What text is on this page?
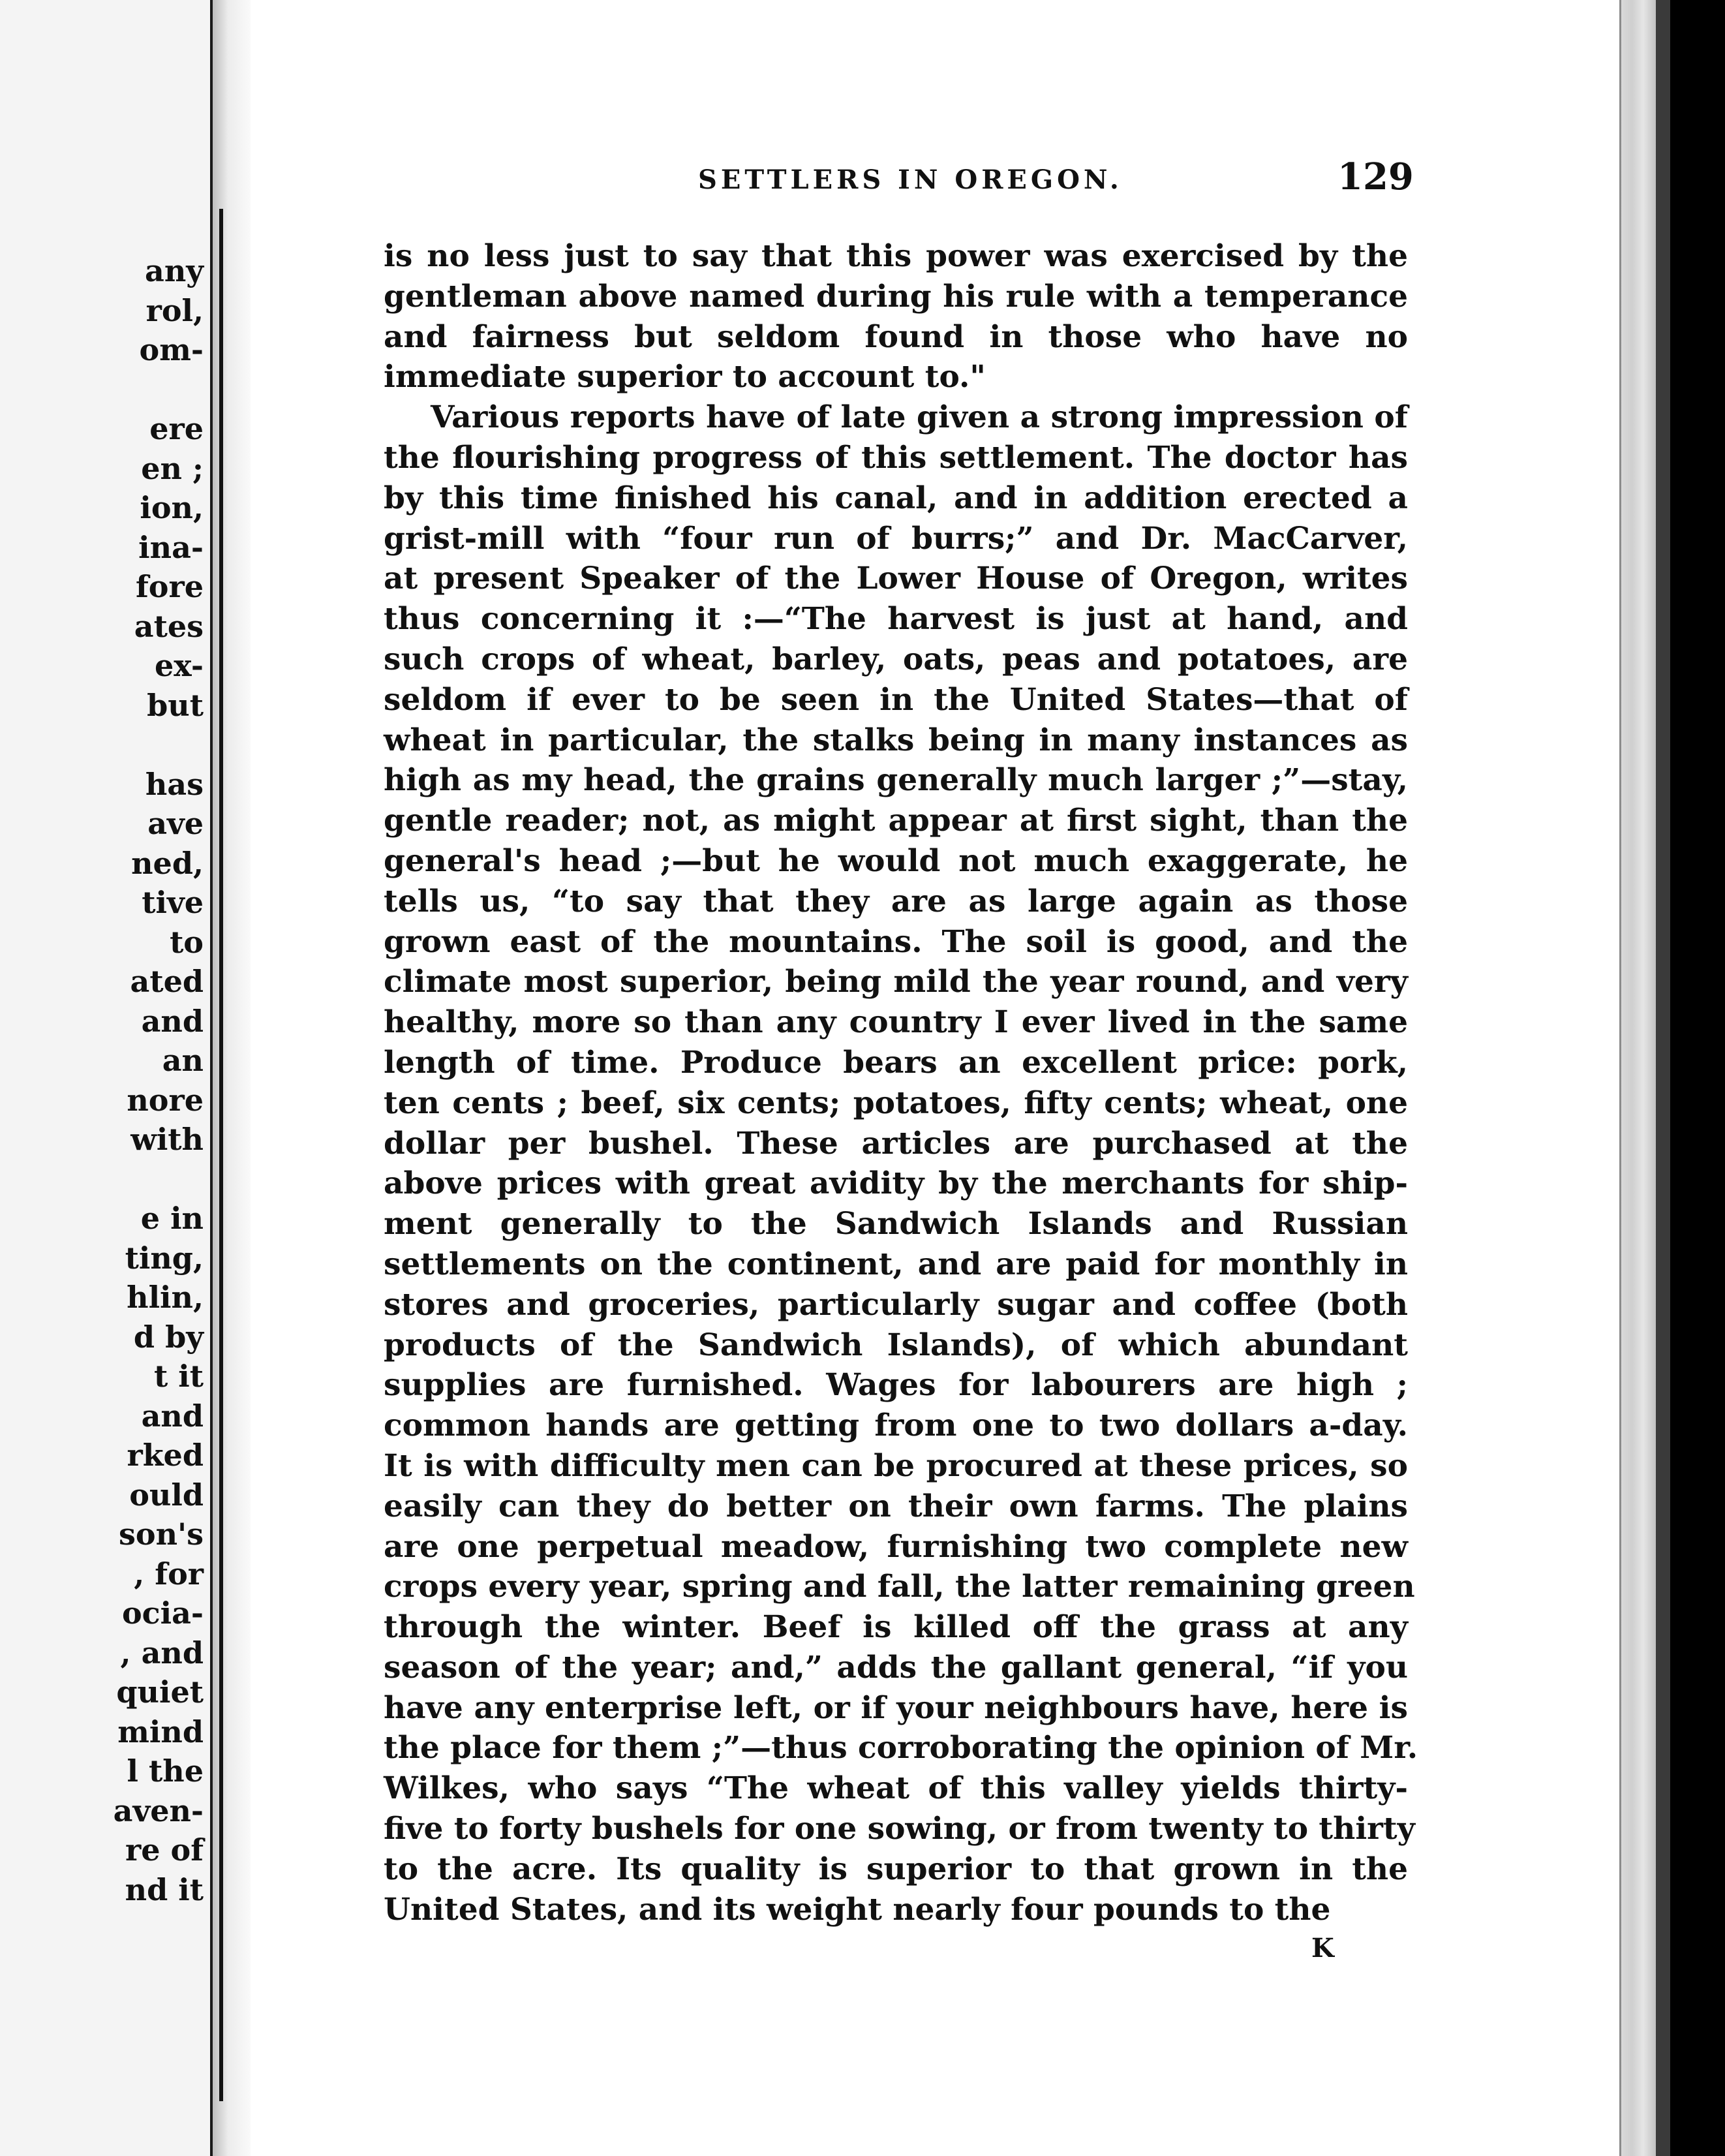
any
rol,
om-
ere
en ;
ion,
ina-
fore
ates
ex-
but
has
ave
ned,
tive
to
ated
and
an
nore
with
e in
ting,
hlin,
d by
t it
and
rked
ould
son's
, for
ocia-
, and
quiet
mind
l the
aven-
re of
nd it
SETTLERS IN OREGON.	129
is no less just to say that this power was exercised by the
gentleman above named during his rule with a temperance
and fairness but seldom found in those who have no
immediate superior to account to."
Various reports have of late given a strong impression of
the flourishing progress of this settlement. The doctor has
by this time finished his canal, and in addition erected a
grist-mill with “four run of burrs;” and Dr. MacCarver,
at present Speaker of the Lower House of Oregon, writes
thus concerning it :—“The harvest is just at hand, and
such crops of wheat, barley, oats, peas and potatoes, are
seldom if ever to be seen in the United States—that of
wheat in particular, the stalks being in many instances as
high as my head, the grains generally much larger ;”—stay,
gentle reader; not, as might appear at first sight, than the
general's head ;—but he would not much exaggerate, he
tells us, “to say that they are as large again as those
grown east of the mountains. The soil is good, and the
climate most superior, being mild the year round, and very
healthy, more so than any country I ever lived in the same
length of time. Produce bears an excellent price: pork,
ten cents ; beef, six cents; potatoes, fifty cents; wheat, one
dollar per bushel. These articles are purchased at the
above prices with great avidity by the merchants for ship-
ment generally to the Sandwich Islands and Russian
settlements on the continent, and are paid for monthly in
stores and groceries, particularly sugar and coffee (both
products of the Sandwich Islands), of which abundant
supplies are furnished. Wages for labourers are high ;
common hands are getting from one to two dollars a-day.
It is with difficulty men can be procured at these prices, so
easily can they do better on their own farms. The plains
are one perpetual meadow, furnishing two complete new
crops every year, spring and fall, the latter remaining green
through the winter. Beef is killed off the grass at any
season of the year; and,” adds the gallant general, “if you
have any enterprise left, or if your neighbours have, here is
the place for them ;”—thus corroborating the opinion of Mr.
Wilkes, who says “The wheat of this valley yields thirty-
five to forty bushels for one sowing, or from twenty to thirty
to the acre. Its quality is superior to that grown in the
United States, and its weight nearly four pounds to the
K
